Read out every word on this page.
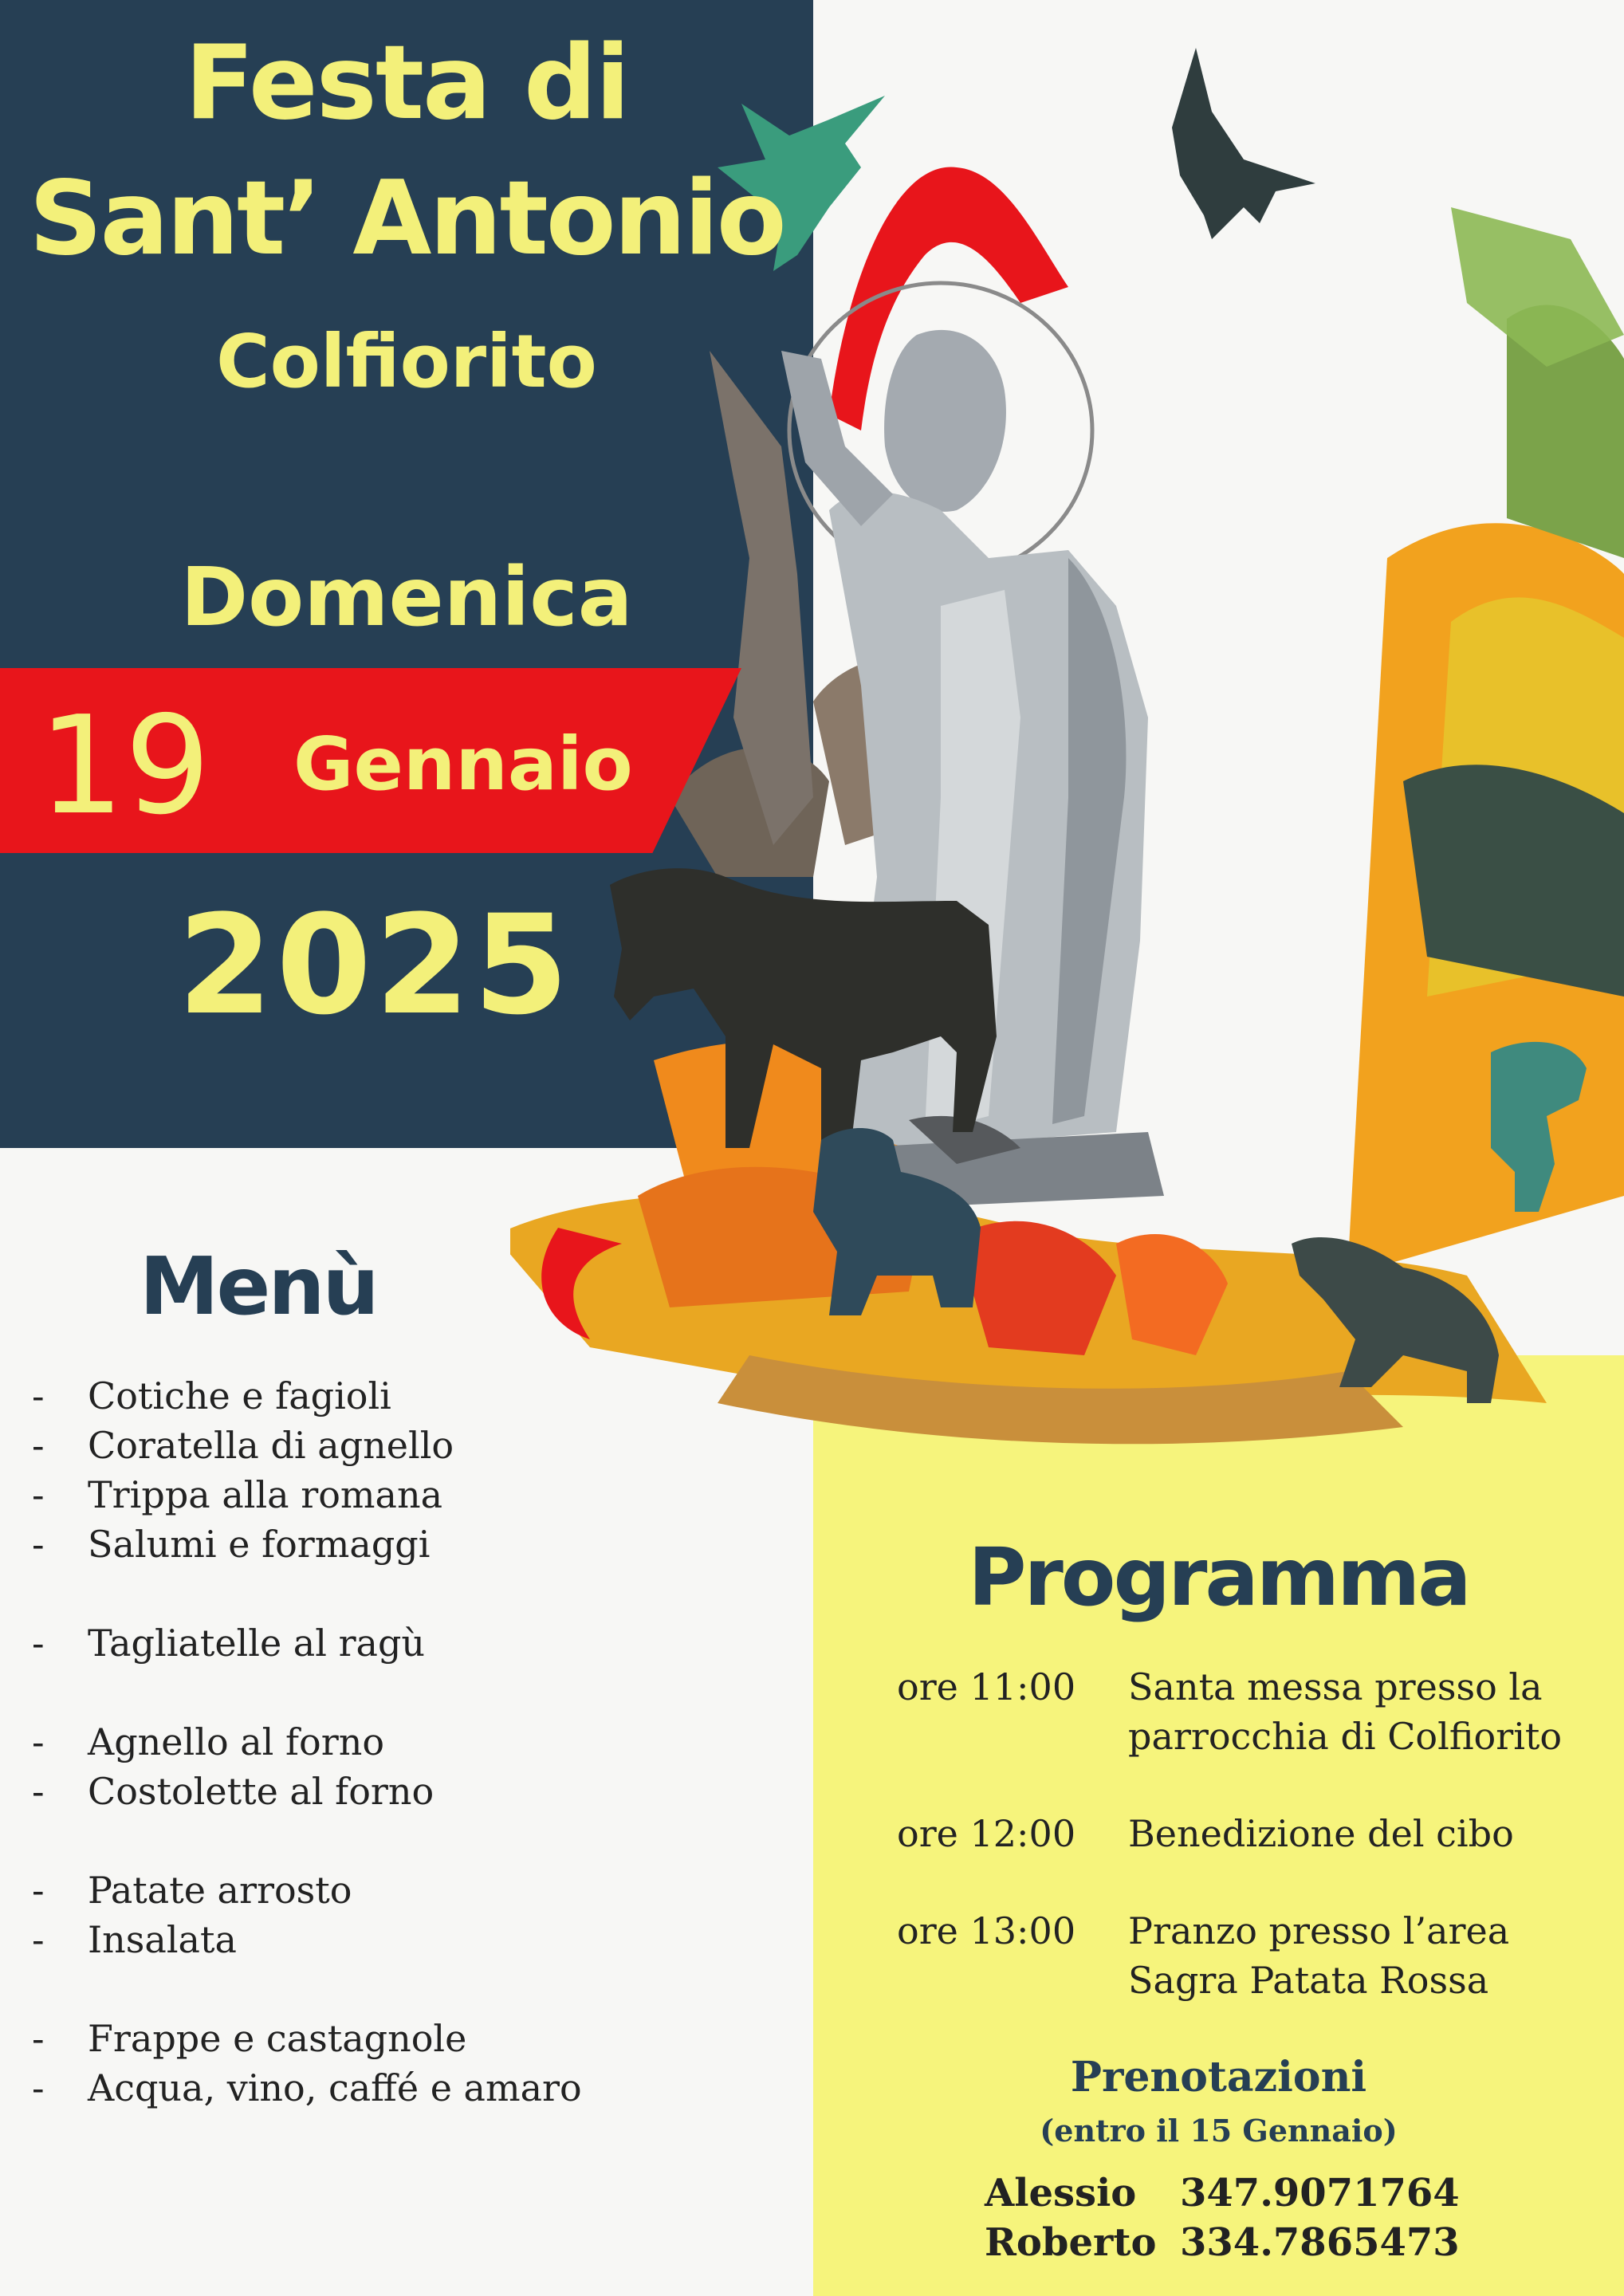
Festa di
Sant’ Antonio
Colfiorito
Domenica
19 Gennaio
2025
Menù
- Cotiche e fagioli
- Coratella di agnello
- Trippa alla romana
- Salumi e formaggi
- Tagliatelle al ragù
- Agnello al forno
- Costolette al forno
- Patate arrosto
- Insalata
- Frappe e castagnole
- Acqua, vino, caffé e amaro
Programma
ore 11:00	Santa messa presso la
parrocchia di Colfiorito
ore 12:00	Benedizione del cibo
ore 13:00	Pranzo presso l’area
Sagra Patata Rossa
Prenotazioni
(entro il 15 Gennaio)
Alessio 347.9071764
Roberto 334.7865473
